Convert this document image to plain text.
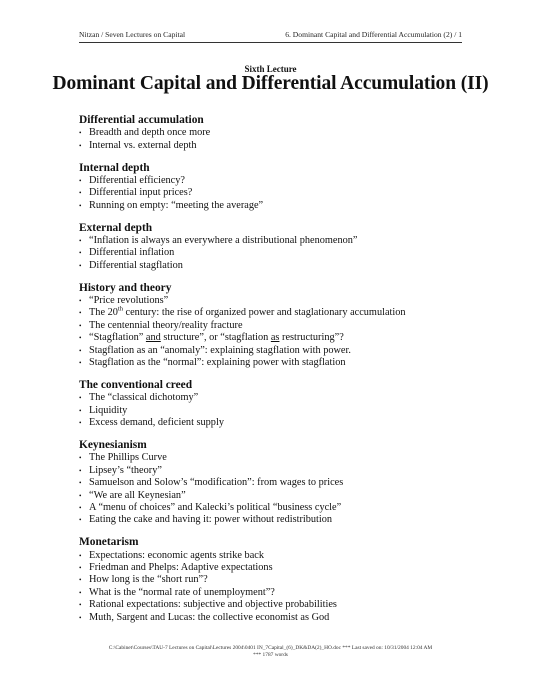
Nitzan / Seven Lectures on Capital	6. Dominant Capital and Differential Accumulation (2) / 1
Sixth Lecture
Dominant Capital and Differential Accumulation (II)
Differential accumulation
• Breadth and depth once more
• Internal vs. external depth
Internal depth
• Differential efficiency?
• Differential input prices?
• Running on empty: “meeting the average”
External depth
• “Inflation is always an everywhere a distributional phenomenon”
• Differential inflation
• Differential stagflation
History and theory
• “Price revolutions”
• The 20th century: the rise of organized power and staglationary accumulation
• The centennial theory/reality fracture
• “Stagflation” and structure”, or “stagflation as restructuring”?
• Stagflation as an “anomaly”: explaining stagflation with power.
• Stagflation as the “normal”: explaining power with stagflation
The conventional creed
• The “classical dichotomy”
• Liquidity
• Excess demand, deficient supply
Keynesianism
• The Phillips Curve
• Lipsey’s “theory”
• Samuelson and Solow’s “modification”: from wages to prices
• “We are all Keynesian”
• A “menu of choices” and Kalecki’s political “business cycle”
• Eating the cake and having it: power without redistribution
Monetarism
• Expectations: economic agents strike back
• Friedman and Phelps: Adaptive expectations
• How long is the “short run”?
• What is the “normal rate of unemployment”?
• Rational expectations: subjective and objective probabilities
• Muth, Sargent and Lucas: the collective economist as God
C:\Cabinet\Courses\TAU-7 Lectures on Capital\Lectures 2004\0401 IN_7Capital_(6)_DK&DA(2)_HO.doc *** Last saved on: 10/31/2004 12:04 AM
*** 1787 words
